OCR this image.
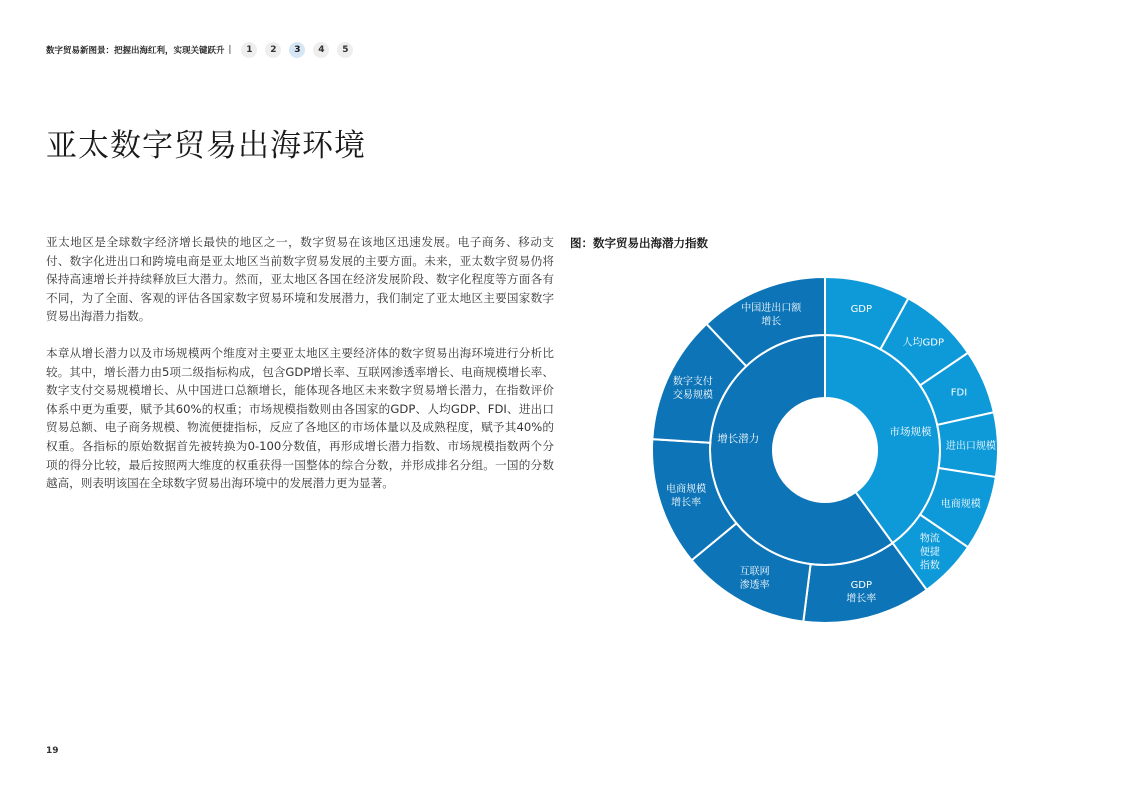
数字贸易新图景：把握出海红利，实现关键跃升 |	1	2	3	4	5
亚太数字贸易出海环境

亚太地区是全球数字经济增长最快的地区之一，数字贸易在该地区迅速发展。电子商务、移动支付、数字化进出口和跨境电商是亚太地区当前数字贸易发展的主要方面。未来，亚太数字贸易仍将保持高速增长并持续释放巨大潜力。然而，亚太地区各国在经济发展阶段、数字化程度等方面各有不同，为了全面、客观的评估各国家数字贸易环境和发展潜力，我们制定了亚太地区主要国家数字贸易出海潜力指数。

本章从增长潜力以及市场规模两个维度对主要亚太地区主要经济体的数字贸易出海环境进行分析比较。其中，增长潜力由5项二级指标构成，包含GDP增长率、互联网渗透率增长、电商规模增长率、数字支付交易规模增长、从中国进口总额增长，能体现各地区未来数字贸易增长潜力，在指数评价体系中更为重要，赋予其60%的权重；市场规模指数则由各国家的GDP、人均GDP、FDI、进出口贸易总额、电子商务规模、物流便捷指标，反应了各地区的市场体量以及成熟程度，赋予其40%的权重。各指标的原始数据首先被转换为0-100分数值，再形成增长潜力指数、市场规模指数两个分项的得分比较，最后按照两大维度的权重获得一国整体的综合分数，并形成排名分组。一国的分数越高，则表明该国在全球数字贸易出海环境中的发展潜力更为显著。

图：数字贸易出海潜力指数
市场规模
增长潜力
GDP
人均GDP
FDI
进出口规模
电商规模
物流便捷指数
GDP 增长率
互联网渗透率
电商规模增长率
数字支付交易规模
中国进出口额增长
19
